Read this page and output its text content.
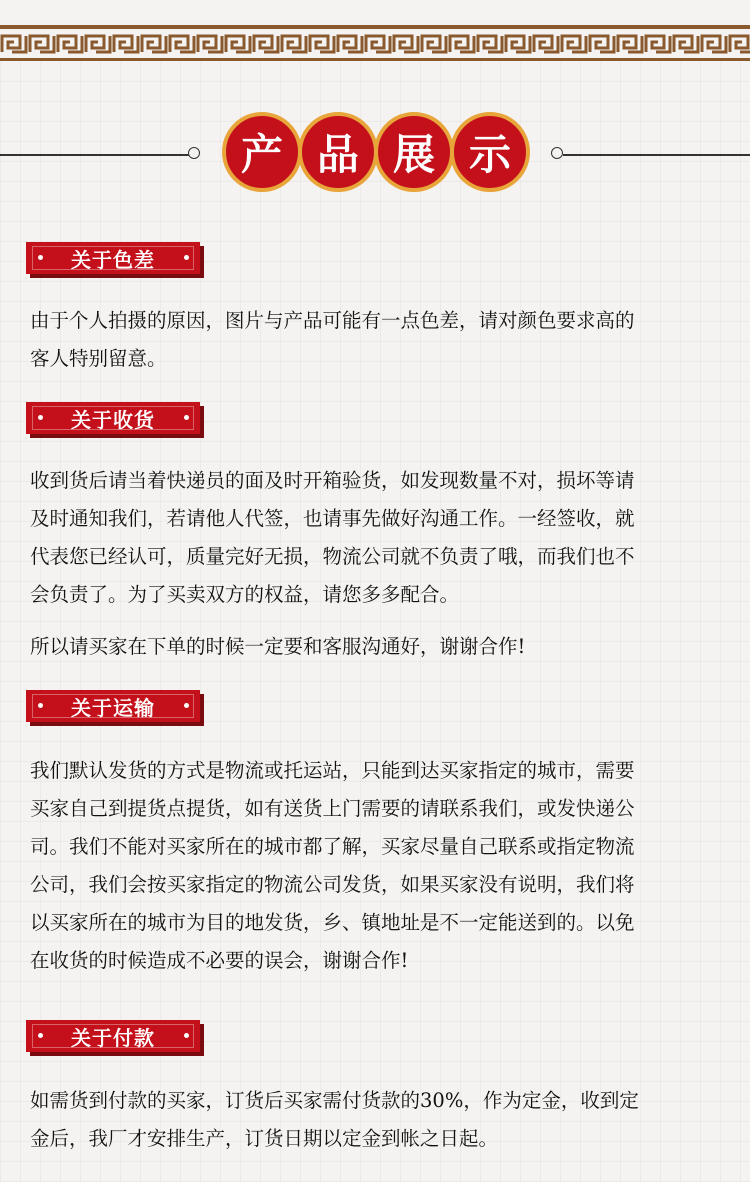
产 品 展 示
关于色差

由于个人拍摄的原因，图片与产品可能有一点色差，请对颜色要求高的
客人特别留意。

关于收货

收到货后请当着快递员的面及时开箱验货，如发现数量不对，损坏等请
及时通知我们，若请他人代签，也请事先做好沟通工作。一经签收，就
代表您已经认可，质量完好无损，物流公司就不负责了哦，而我们也不
会负责了。为了买卖双方的权益，请您多多配合。

所以请买家在下单的时候一定要和客服沟通好，谢谢合作!

关于运输

我们默认发货的方式是物流或托运站，只能到达买家指定的城市，需要
买家自己到提货点提货，如有送货上门需要的请联系我们，或发快递公
司。我们不能对买家所在的城市都了解，买家尽量自己联系或指定物流
公司，我们会按买家指定的物流公司发货，如果买家没有说明，我们将
以买家所在的城市为目的地发货，乡、镇地址是不一定能送到的。以免
在收货的时候造成不必要的误会，谢谢合作!

关于付款

如需货到付款的买家，订货后买家需付货款的30%，作为定金，收到定
金后，我厂才安排生产，订货日期以定金到帐之日起。
